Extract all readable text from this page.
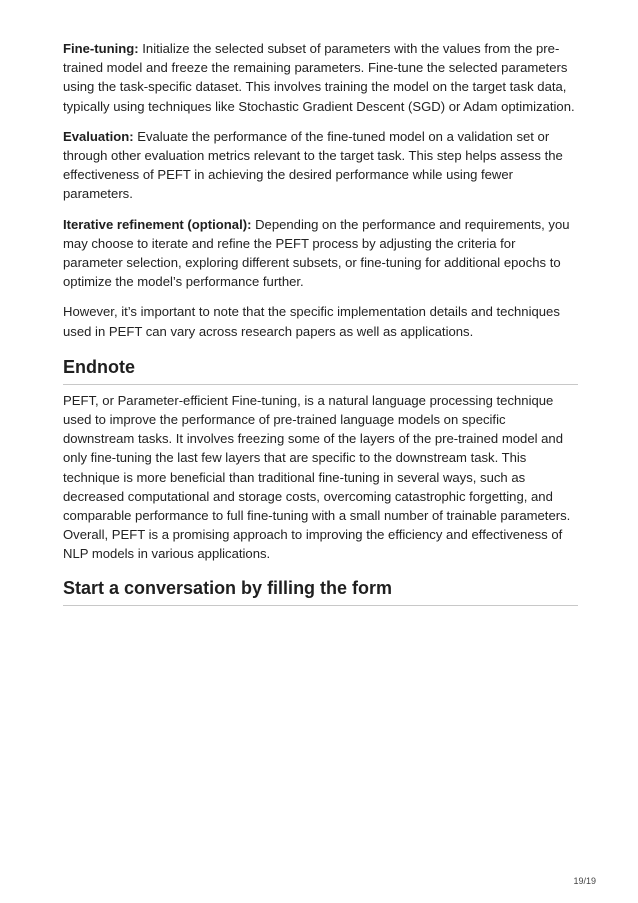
Fine-tuning: Initialize the selected subset of parameters with the values from the pre-trained model and freeze the remaining parameters. Fine-tune the selected parameters using the task-specific dataset. This involves training the model on the target task data, typically using techniques like Stochastic Gradient Descent (SGD) or Adam optimization.

Evaluation: Evaluate the performance of the fine-tuned model on a validation set or through other evaluation metrics relevant to the target task. This step helps assess the effectiveness of PEFT in achieving the desired performance while using fewer parameters.

Iterative refinement (optional): Depending on the performance and requirements, you may choose to iterate and refine the PEFT process by adjusting the criteria for parameter selection, exploring different subsets, or fine-tuning for additional epochs to optimize the model’s performance further.

However, it’s important to note that the specific implementation details and techniques used in PEFT can vary across research papers as well as applications.

Endnote

PEFT, or Parameter-efficient Fine-tuning, is a natural language processing technique used to improve the performance of pre-trained language models on specific downstream tasks. It involves freezing some of the layers of the pre-trained model and only fine-tuning the last few layers that are specific to the downstream task. This technique is more beneficial than traditional fine-tuning in several ways, such as decreased computational and storage costs, overcoming catastrophic forgetting, and comparable performance to full fine-tuning with a small number of trainable parameters. Overall, PEFT is a promising approach to improving the efficiency and effectiveness of NLP models in various applications.

Start a conversation by filling the form
19/19
